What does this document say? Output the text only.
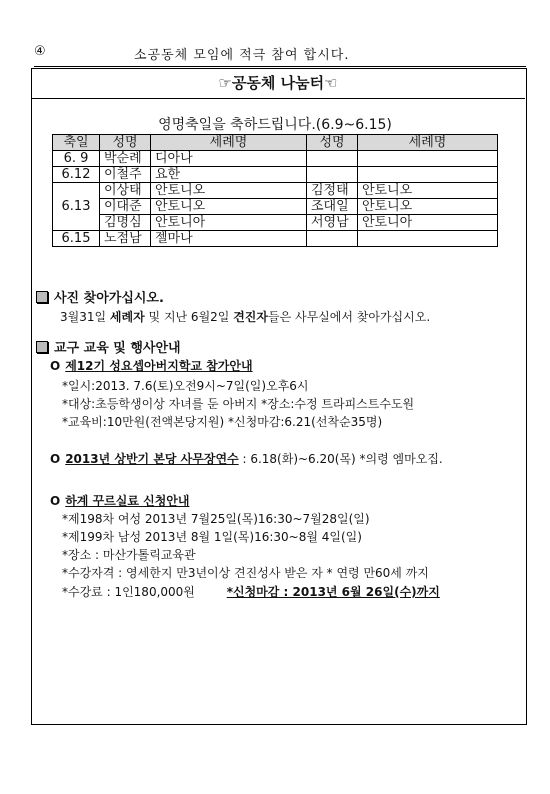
④	소공동체 모임에 적극 참여 합시다.
☞공동체 나눔터☜
영명축일을 축하드립니다.(6.9~6.15)
축일	성명	세례명	성명	세례명
6. 9	박순례	디아나		
6.12	이철주	요한		
6.13	이상태	안토니오	김정태	안토니오
	이대준	안토니오	조대일	안토니오
	김명심	안토니아	서영남	안토니아
6.15	노점남	젤마나		
사진 찾아가십시오.
3월31일 세례자 및 지난 6월2일 견진자들은 사무실에서 찾아가십시오.
교구 교육 및 행사안내
O 제12기 성요셉아버지학교 참가안내
*일시:2013. 7.6(토)오전9시~7일(일)오후6시
*대상:초등학생이상 자녀를 둔 아버지 *장소:수정 트라피스트수도원
*교육비:10만원(전액본당지원) *신청마감:6.21(선착순35명)
O 2013년 상반기 본당 사무장연수 : 6.18(화)~6.20(목) *의령 엠마오집.
O 하계 꾸르실료 신청안내
*제198차 여성 2013년 7월25일(목)16:30~7월28일(일)
*제199차 남성 2013년 8월 1일(목)16:30~8월 4일(일)
*장소 : 마산가톨릭교육관
*수강자격 : 영세한지 만3년이상 견진성사 받은 자 * 연령 만60세 까지
*수강료 : 1인180,000원	*신청마감 : 2013년 6월 26일(수)까지
